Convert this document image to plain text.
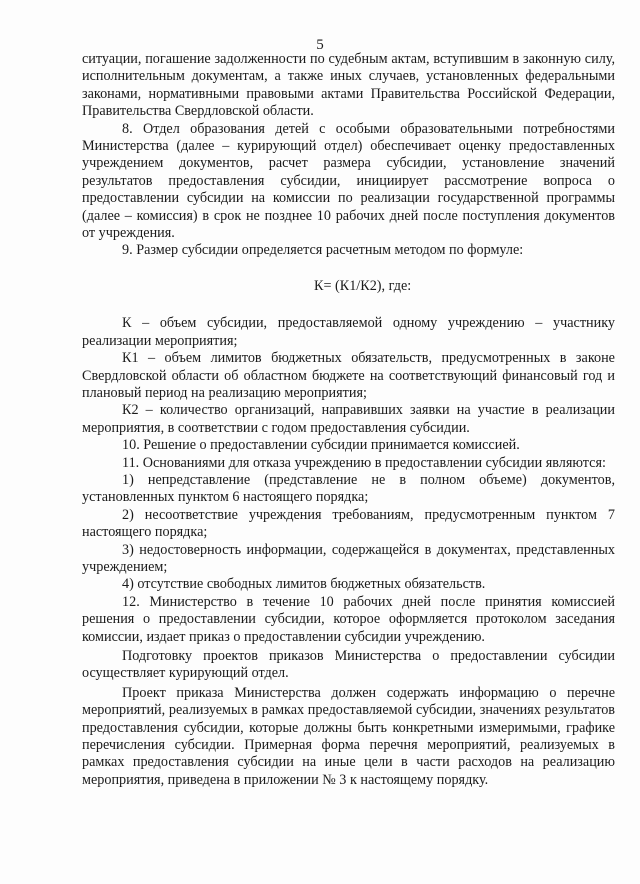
5

ситуации, погашение задолженности по судебным актам, вступившим в законную силу, исполнительным документам, а также иных случаев, установленных федеральными законами, нормативными правовыми актами Правительства Российской Федерации, Правительства Свердловской области.

8. Отдел образования детей с особыми образовательными потребностями Министерства (далее – курирующий отдел) обеспечивает оценку предоставленных учреждением документов, расчет размера субсидии, установление значений результатов предоставления субсидии, инициирует рассмотрение вопроса о предоставлении субсидии на комиссии по реализации государственной программы (далее – комиссия) в срок не позднее 10 рабочих дней после поступления документов от учреждения.

9. Размер субсидии определяется расчетным методом по формуле:

К= (К1/К2), где:

К – объем субсидии, предоставляемой одному учреждению – участнику реализации мероприятия;

К1 – объем лимитов бюджетных обязательств, предусмотренных в законе Свердловской области об областном бюджете на соответствующий финансовый год и плановый период на реализацию мероприятия;

К2 – количество организаций, направивших заявки на участие в реализации мероприятия, в соответствии с годом предоставления субсидии.

10. Решение о предоставлении субсидии принимается комиссией.

11. Основаниями для отказа учреждению в предоставлении субсидии являются:

1) непредставление (представление не в полном объеме) документов, установленных пунктом 6 настоящего порядка;

2) несоответствие учреждения требованиям, предусмотренным пунктом 7 настоящего порядка;

3) недостоверность информации, содержащейся в документах, представленных учреждением;

4) отсутствие свободных лимитов бюджетных обязательств.

12. Министерство в течение 10 рабочих дней после принятия комиссией решения о предоставлении субсидии, которое оформляется протоколом заседания комиссии, издает приказ о предоставлении субсидии учреждению.

Подготовку проектов приказов Министерства о предоставлении субсидии осуществляет курирующий отдел.

Проект приказа Министерства должен содержать информацию о перечне мероприятий, реализуемых в рамках предоставляемой субсидии, значениях результатов предоставления субсидии, которые должны быть конкретными измеримыми, графике перечисления субсидии. Примерная форма перечня мероприятий, реализуемых в рамках предоставления субсидии на иные цели в части расходов на реализацию мероприятия, приведена в приложении № 3 к настоящему порядку.
